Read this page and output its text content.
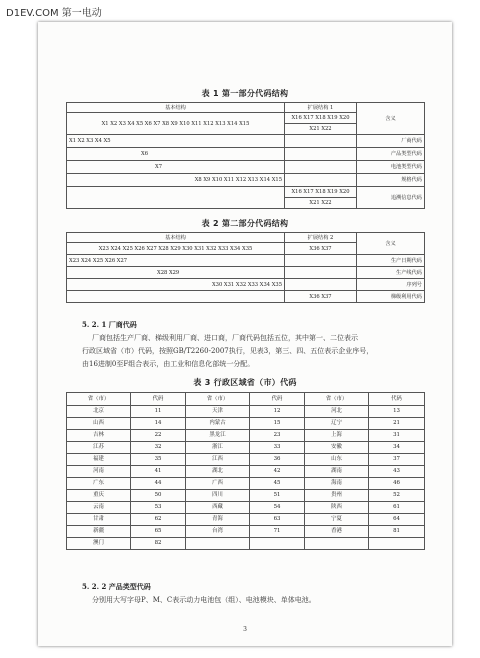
D1EV.COM 第一电动
表 1 第一部分代码结构
基本结构	扩展结构 1	含义
X1 X2 X3 X4 X5 X6 X7 X8 X9 X10 X11 X12 X13 X14 X15	X16 X17 X18 X19 X20	
	X21 X22	
X1 X2 X3 X4 X5		厂商代码
X6		产品类型代码
X7		电池类型代码
X8 X9 X10 X11 X12 X13 X14 X15		规格代码
	X16 X17 X18 X19 X20	追溯信息代码
	X21 X22	
表 2 第二部分代码结构
基本结构	扩展结构 2	含义
X23 X24 X25 X26 X27 X28 X29 X30 X31 X32 X33 X34 X35	X36 X37	
X23 X24 X25 X26 X27		生产日期代码
X28 X29		生产线代码
X30 X31 X32 X33 X34 X35		序列号
	X36 X37	梯级利用代码
5. 2. 1 厂商代码
厂商包括生产厂商、梯级利用厂商、进口商，厂商代码包括五位，其中第一、二位表示
行政区域省（市）代码，按照GB/T2260-2007执行，见表3，第三、四、五位表示企业序号，
由16进制0至F组合表示，由工业和信息化部统一分配。
表 3 行政区域省（市）代码
省（市）	代码	省（市）	代码	省（市）	代码
北京	11	天津	12	河北	13
山西	14	内蒙古	15	辽宁	21
吉林	22	黑龙江	23	上海	31
江苏	32	浙江	33	安徽	34
福建	35	江西	36	山东	37
河南	41	湖北	42	湖南	43
广东	44	广西	45	海南	46
重庆	50	四川	51	贵州	52
云南	53	西藏	54	陕西	61
甘肃	62	青海	63	宁夏	64
新疆	65	台湾	71	香港	81
澳门	82				
5. 2. 2 产品类型代码
分别用大写字母P、M、C表示动力电池包（组）、电池模块、单体电池。
3
